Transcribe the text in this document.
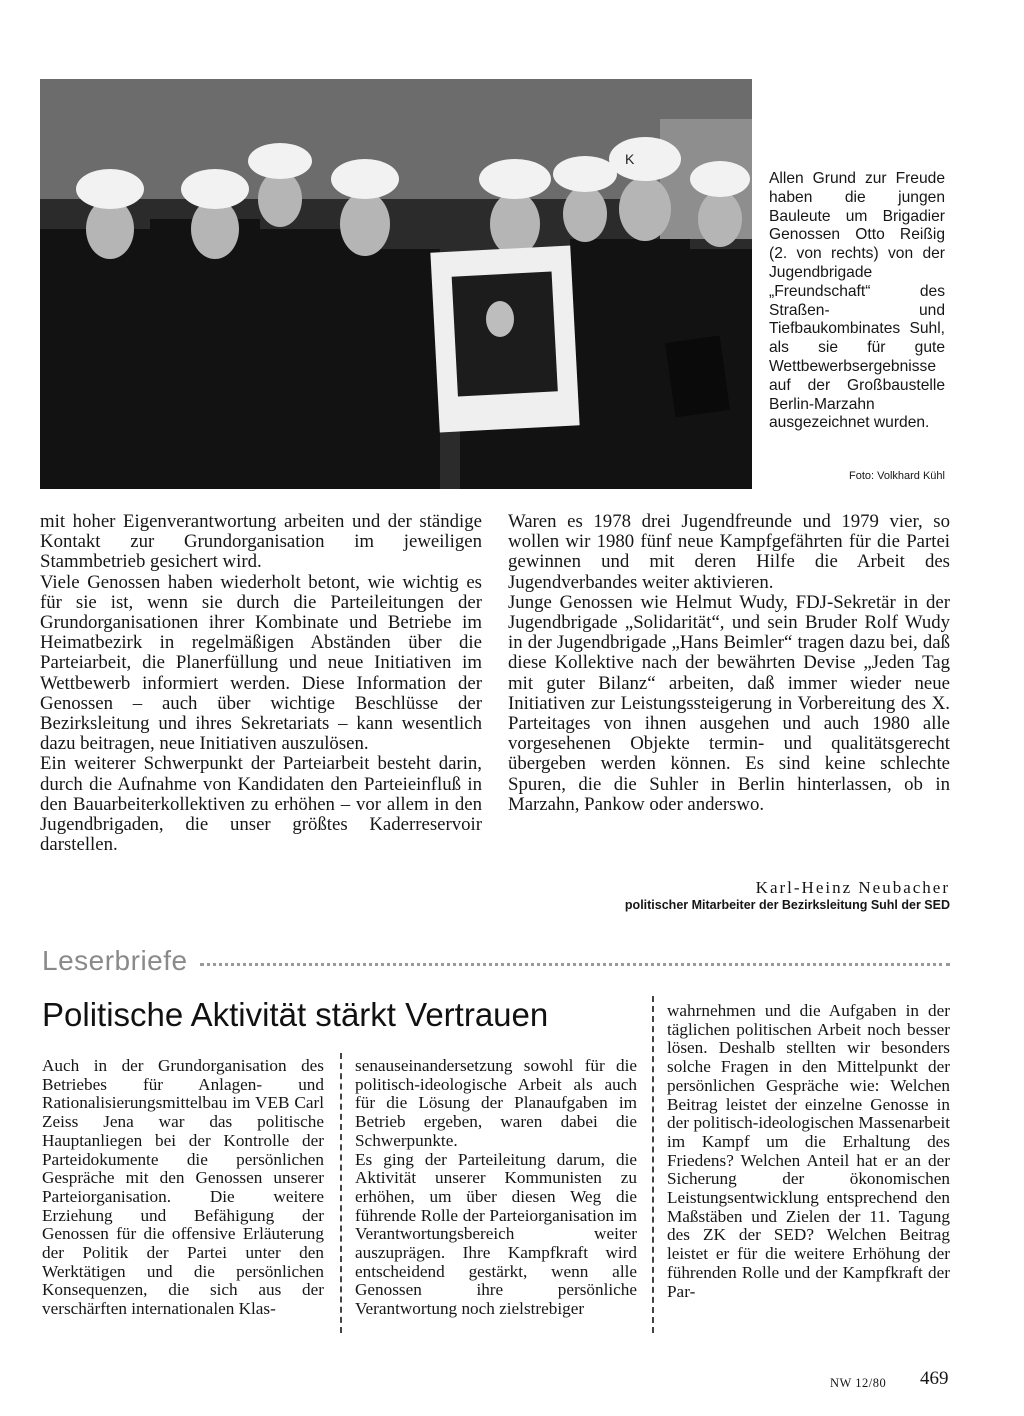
K
Allen Grund zur Freude haben die jungen Bauleute um Brigadier Genossen Otto Reißig (2. von rechts) von der Jugendbrigade „Freundschaft“ des Straßen- und Tiefbaukombinates Suhl, als sie für gute Wettbewerbsergebnisse auf der Großbaustelle Berlin-Marzahn ausgezeichnet wurden.
Foto: Volkhard Kühl

mit hoher Eigenverantwortung arbeiten und der ständige Kontakt zur Grundorganisation im jeweiligen Stammbetrieb gesichert wird.

Viele Genossen haben wiederholt betont, wie wichtig es für sie ist, wenn sie durch die Parteileitungen der Grundorganisationen ihrer Kombinate und Betriebe im Heimatbezirk in regelmäßigen Abständen über die Parteiarbeit, die Planerfüllung und neue Initiativen im Wettbewerb informiert werden. Diese Information der Genossen – auch über wichtige Beschlüsse der Bezirksleitung und ihres Sekretariats – kann wesentlich dazu beitragen, neue Initiativen auszulösen.

Ein weiterer Schwerpunkt der Parteiarbeit besteht darin, durch die Aufnahme von Kandidaten den Parteieinfluß in den Bauarbeiterkollektiven zu erhöhen – vor allem in den Jugendbrigaden, die unser größtes Kaderreservoir darstellen.

Waren es 1978 drei Jugendfreunde und 1979 vier, so wollen wir 1980 fünf neue Kampfgefährten für die Partei gewinnen und mit deren Hilfe die Arbeit des Jugendverbandes weiter aktivieren.

Junge Genossen wie Helmut Wudy, FDJ-Sekretär in der Jugendbrigade „Solidarität“, und sein Bruder Rolf Wudy in der Jugendbrigade „Hans Beimler“ tragen dazu bei, daß diese Kollektive nach der bewährten Devise „Jeden Tag mit guter Bilanz“ arbeiten, daß immer wieder neue Initiativen zur Leistungssteigerung in Vorbereitung des X. Parteitages von ihnen ausgehen und auch 1980 alle vorgesehenen Objekte termin- und qualitätsgerecht übergeben werden können. Es sind keine schlechte Spuren, die die Suhler in Berlin hinterlassen, ob in Marzahn, Pankow oder anderswo.

Karl-Heinz Neubacher
politischer Mitarbeiter der Bezirksleitung Suhl der SED
Leserbriefe
Politische Aktivität stärkt Vertrauen

Auch in der Grundorganisation des Betriebes für Anlagen- und Rationalisierungsmittelbau im VEB Carl Zeiss Jena war das politische Hauptanliegen bei der Kontrolle der Parteidokumente die persönlichen Gespräche mit den Genossen unserer Parteiorganisation. Die weitere Erziehung und Befähigung der Genossen für die offensive Erläuterung der Politik der Partei unter den Werktätigen und die persönlichen Konsequenzen, die sich aus der verschärften internationalen Klas-

senauseinandersetzung sowohl für die politisch-ideologische Arbeit als auch für die Lösung der Planaufgaben im Betrieb ergeben, waren dabei die Schwerpunkte.

Es ging der Parteileitung darum, die Aktivität unserer Kommunisten zu erhöhen, um über diesen Weg die führende Rolle der Parteiorganisation im Verantwortungsbereich weiter auszuprägen. Ihre Kampfkraft wird entscheidend gestärkt, wenn alle Genossen ihre persönliche Verantwortung noch zielstrebiger

wahrnehmen und die Aufgaben in der täglichen politischen Arbeit noch besser lösen. Deshalb stellten wir besonders solche Fragen in den Mittelpunkt der persönlichen Gespräche wie: Welchen Beitrag leistet der einzelne Genosse in der politisch-ideologischen Massenarbeit im Kampf um die Erhaltung des Friedens? Welchen Anteil hat er an der Sicherung der ökonomischen Leistungsentwicklung entsprechend den Maßstäben und Zielen der 11. Tagung des ZK der SED? Welchen Beitrag leistet er für die weitere Erhöhung der führenden Rolle und der Kampfkraft der Par-

NW 12/80 469
